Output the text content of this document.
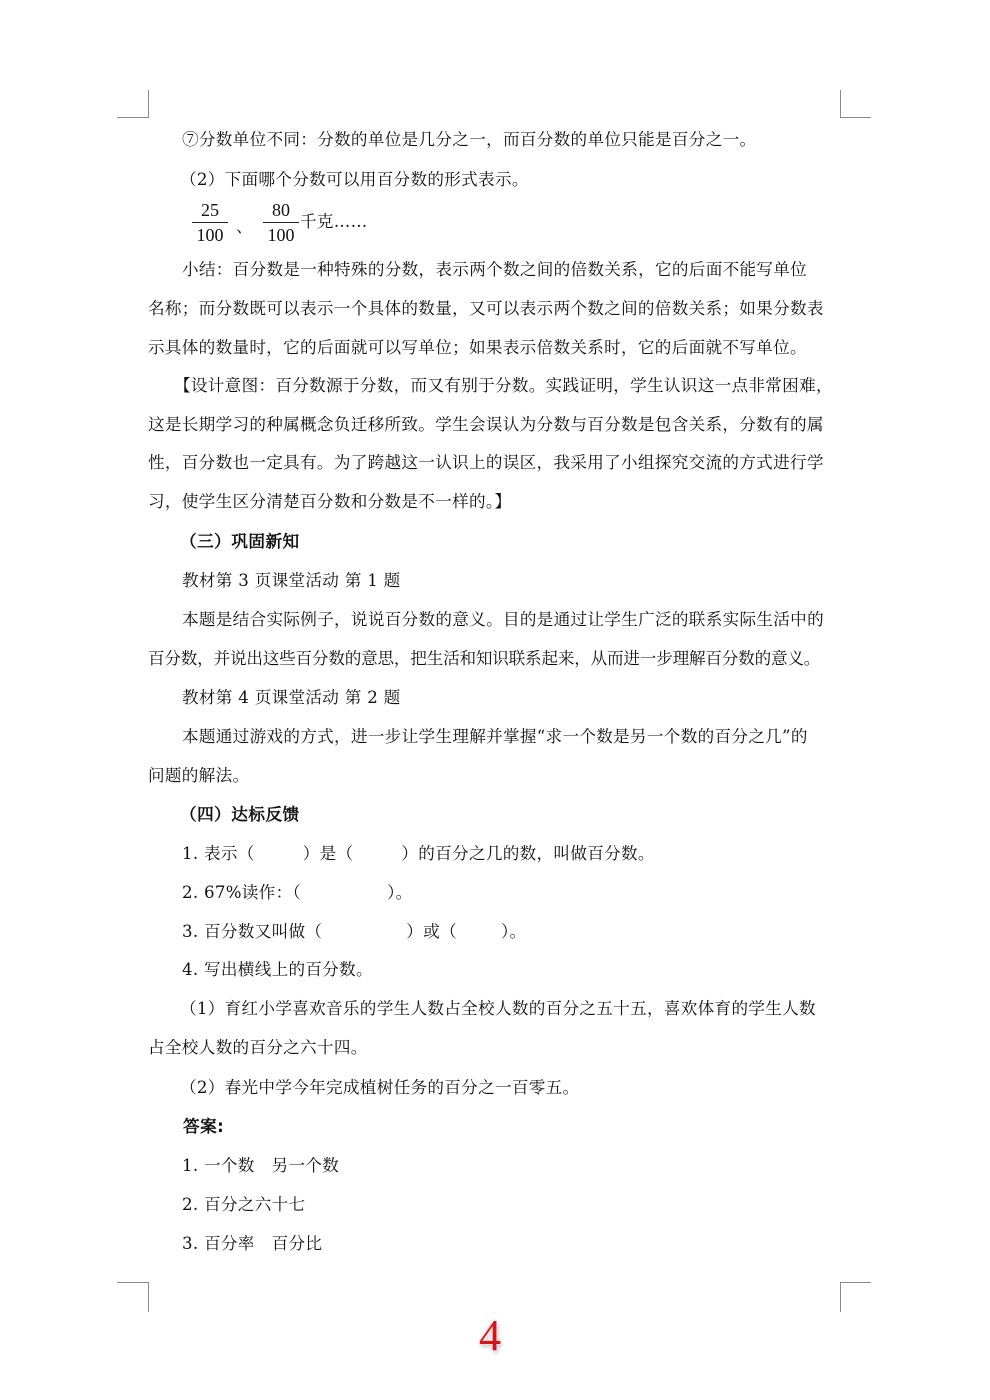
⑦分数单位不同：分数的单位是几分之一，而百分数的单位只能是百分之一。
（2）下面哪个分数可以用百分数的形式表示。
25
100 、
80
100
千克……
小结：百分数是一种特殊的分数，表示两个数之间的倍数关系，它的后面不能写单位
名称；而分数既可以表示一个具体的数量，又可以表示两个数之间的倍数关系；如果分数表
示具体的数量时，它的后面就可以写单位；如果表示倍数关系时，它的后面就不写单位。
【设计意图：百分数源于分数，而又有别于分数。实践证明，学生认识这一点非常困难，
这是长期学习的种属概念负迁移所致。学生会误认为分数与百分数是包含关系，分数有的属
性，百分数也一定具有。为了跨越这一认识上的误区，我采用了小组探究交流的方式进行学
习，使学生区分清楚百分数和分数是不一样的。】
（三）巩固新知
教材第 3 页课堂活动 第 1 题
本题是结合实际例子，说说百分数的意义。目的是通过让学生广泛的联系实际生活中的
百分数，并说出这些百分数的意思，把生活和知识联系起来，从而进一步理解百分数的意义。
教材第 4 页课堂活动 第 2 题
本题通过游戏的方式，进一步让学生理解并掌握“求一个数是另一个数的百分之几”的
问题的解法。
（四）达标反馈
1. 表示（	）是（	）的百分之几的数，叫做百分数。
2. 67%读作：（	）。
3. 百分数又叫做（	）或（	）。
4. 写出横线上的百分数。
（1）育红小学喜欢音乐的学生人数占全校人数的百分之五十五，喜欢体育的学生人数
占全校人数的百分之六十四。
（2）春光中学今年完成植树任务的百分之一百零五。
答案:
1. 一个数　另一个数
2. 百分之六十七
3. 百分率　百分比
4
